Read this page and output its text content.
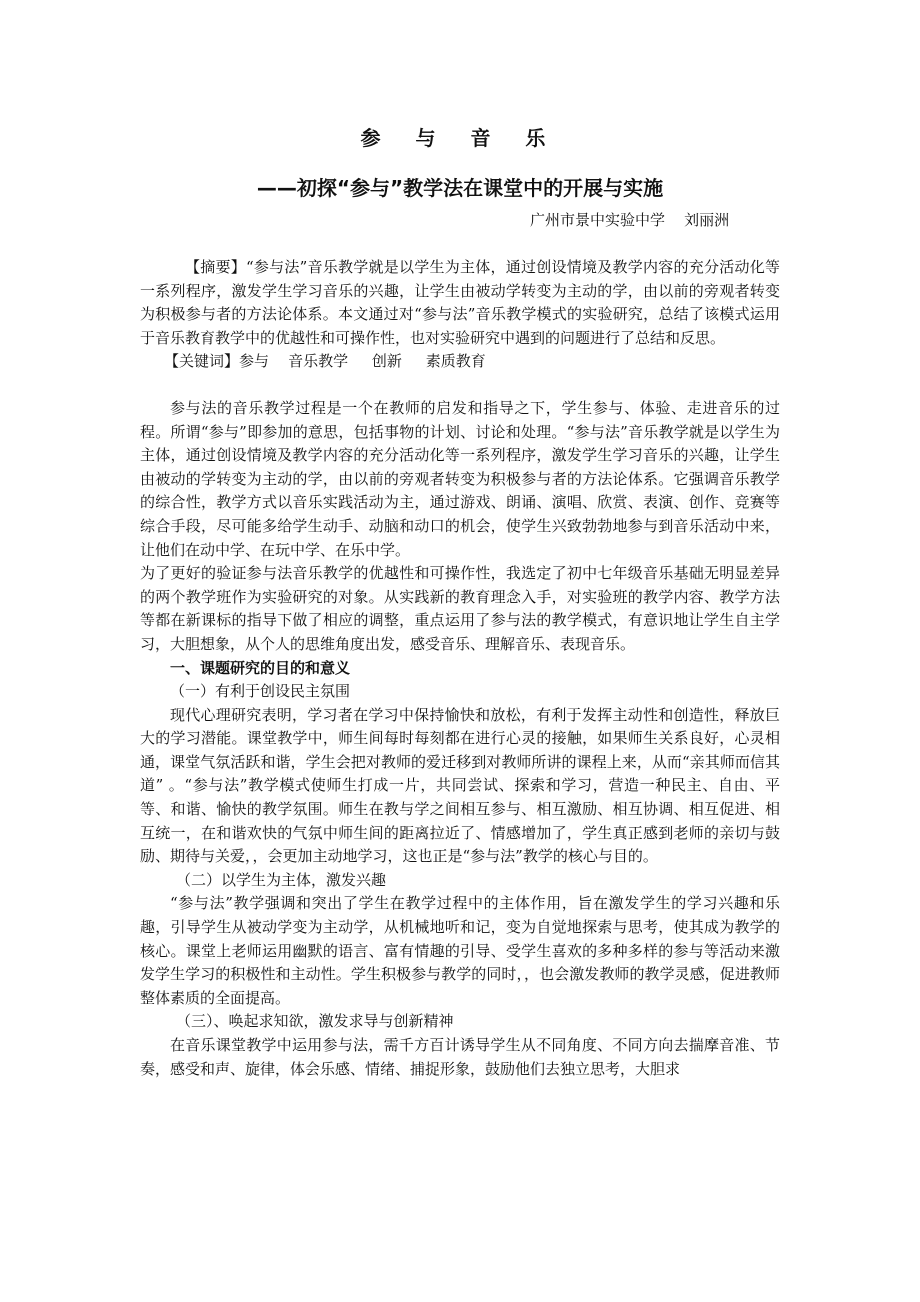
参 与 音 乐
——初探“参与”教学法在课堂中的开展与实施
广州市景中实验中学    刘丽洲

【摘要】“参与法”音乐教学就是以学生为主体，通过创设情境及教学内容的充分活动化等一系列程序，激发学生学习音乐的兴趣，让学生由被动学转变为主动的学，由以前的旁观者转变为积极参与者的方法论体系。本文通过对“参与法”音乐教学模式的实验研究，总结了该模式运用于音乐教育教学中的优越性和可操作性，也对实验研究中遇到的问题进行了总结和反思。

【关键词】参与    音乐教学     创新     素质教育

参与法的音乐教学过程是一个在教师的启发和指导之下，学生参与、体验、走进音乐的过程。所谓“参与”即参加的意思，包括事物的计划、讨论和处理。“参与法”音乐教学就是以学生为主体，通过创设情境及教学内容的充分活动化等一系列程序，激发学生学习音乐的兴趣，让学生由被动的学转变为主动的学，由以前的旁观者转变为积极参与者的方法论体系。它强调音乐教学的综合性，教学方式以音乐实践活动为主，通过游戏、朗诵、演唱、欣赏、表演、创作、竞赛等综合手段，尽可能多给学生动手、动脑和动口的机会，使学生兴致勃勃地参与到音乐活动中来，让他们在动中学、在玩中学、在乐中学。

为了更好的验证参与法音乐教学的优越性和可操作性，我选定了初中七年级音乐基础无明显差异的两个教学班作为实验研究的对象。从实践新的教育理念入手，对实验班的教学内容、教学方法等都在新课标的指导下做了相应的调整，重点运用了参与法的教学模式，有意识地让学生自主学习，大胆想象，从个人的思维角度出发，感受音乐、理解音乐、表现音乐。

一、课题研究的目的和意义

（一）有利于创设民主氛围

现代心理研究表明，学习者在学习中保持愉快和放松，有利于发挥主动性和创造性，释放巨大的学习潜能。课堂教学中，师生间每时每刻都在进行心灵的接触，如果师生关系良好，心灵相通，课堂气氛活跃和谐，学生会把对教师的爱迁移到对教师所讲的课程上来，从而“亲其师而信其道” 。“参与法”教学模式使师生打成一片，共同尝试、探索和学习，营造一种民主、自由、平等、和谐、愉快的教学氛围。师生在教与学之间相互参与、相互激励、相互协调、相互促进、相互统一，在和谐欢快的气氛中师生间的距离拉近了、情感增加了，学生真正感到老师的亲切与鼓励、期待与关爱，，会更加主动地学习，这也正是“参与法”教学的核心与目的。

（二）以学生为主体，激发兴趣

“参与法”教学强调和突出了学生在教学过程中的主体作用，旨在激发学生的学习兴趣和乐趣，引导学生从被动学变为主动学，从机械地听和记，变为自觉地探索与思考，使其成为教学的核心。课堂上老师运用幽默的语言、富有情趣的引导、受学生喜欢的多种多样的参与等活动来激发学生学习的积极性和主动性。学生积极参与教学的同时，，也会激发教师的教学灵感，促进教师整体素质的全面提高。

（三）、唤起求知欲，激发求导与创新精神

在音乐课堂教学中运用参与法，需千方百计诱导学生从不同角度、不同方向去揣摩音准、节奏，感受和声、旋律，体会乐感、情绪、捕捉形象，鼓励他们去独立思考，大胆求
